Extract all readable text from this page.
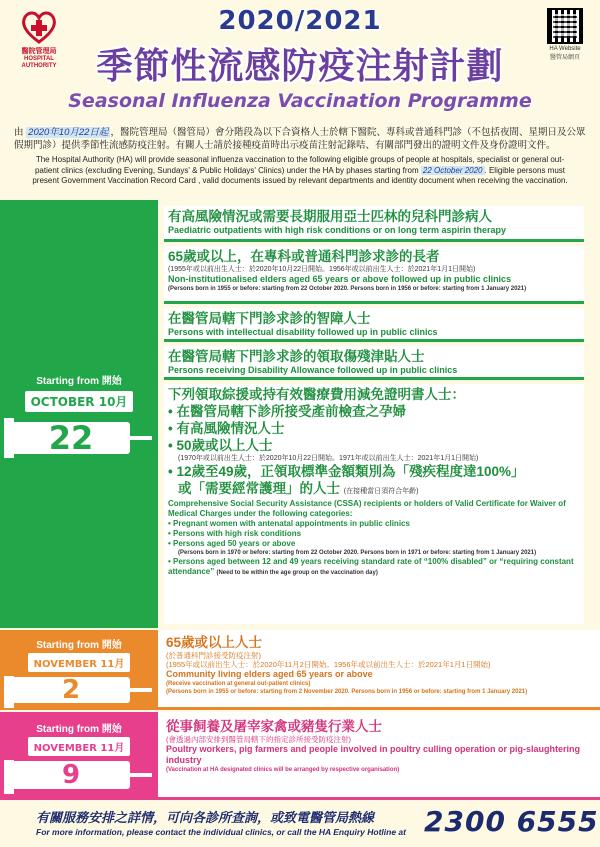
醫院管理局
HOSPITAL
AUTHORITY
2020/2021
季節性流感防疫注射計劃
Seasonal Influenza Vaccination Programme
HA Website
醫管局網頁
由 2020年10月22日起 ，醫院管理局（醫管局）會分階段為以下合資格人士於轄下醫院、專科或普通科門診（不包括夜間、星期日及公眾假期門診）提供季節性流感防疫注射。有關人士請於接種疫苗時出示疫苗注射記錄咭、有關部門發出的證明文件及身份證明文件。
The Hospital Authority (HA) will provide seasonal influenza vaccination to the following eligible groups of people at hospitals, specialist or general out-patient clinics (excluding Evening, Sundays' & Public Holidays' Clinics) under the HA by phases starting from 22 October 2020 . Eligible persons must present Government Vaccination Record Card , valid documents issued by relevant departments and identity document when receiving the vaccination.
Starting from 開始
OCTOBER 10月
22
有高風險情況或需要長期服用亞士匹林的兒科門診病人
Paediatric outpatients with high risk conditions or on long term aspirin therapy
65歲或以上，在專科或普通科門診求診的長者
(1955年或以前出生人士：於2020年10月22日開始。1956年或以前出生人士：於2021年1月1日開始)
Non-institutionalised elders aged 65 years or above followed up in public clinics
(Persons born in 1955 or before: starting from 22 October 2020. Persons born in 1956 or before: starting from 1 January 2021)
在醫管局轄下門診求診的智障人士
Persons with intellectual disability followed up in public clinics
在醫管局轄下門診求診的領取傷殘津貼人士
Persons receiving Disability Allowance followed up in public clinics
下列領取綜援或持有效醫療費用減免證明書人士：
• 在醫管局轄下診所接受產前檢查之孕婦
• 有高風險情況人士
• 50歲或以上人士
(1970年或以前出生人士：於2020年10月22日開始。1971年或以前出生人士：2021年1月1日開始)
• 12歲至49歲，正領取標準金額類別為「殘疾程度達100%」
或「需要經常護理」的人士 (在接種當日須符合年齡)
Comprehensive Social Security Assistance (CSSA) recipients or holders of Valid Certificate for Waiver of Medical Charges under the following categories:
• Pregnant women with antenatal appointments in public clinics
• Persons with high risk conditions
• Persons aged 50 years or above
(Persons born in 1970 or before: starting from 22 October 2020. Persons born in 1971 or before: starting from 1 January 2021)
• Persons aged between 12 and 49 years receiving standard rate of “100% disabled” or “requiring constant attendance” (Need to be within the age group on the vaccination day)
Starting from 開始
NOVEMBER 11月
2
65歲或以上人士
(於普通科門診接受防疫注射)
(1955年或以前出生人士：於2020年11月2日開始。1956年或以前出生人士：於2021年1月1日開始)
Community living elders aged 65 years or above
(Receive vaccination at general out-patient clinics)
(Persons born in 1955 or before: starting from 2 November 2020. Persons born in 1956 or before: starting from 1 January 2021)
Starting from 開始
NOVEMBER 11月
9
從事飼養及屠宰家禽或豬隻行業人士
(會透過內部安排到醫管局轄下的指定診所接受防疫注射)
Poultry workers, pig farmers and people involved in poultry culling operation or pig-slaughtering industry
(Vaccination at HA designated clinics will be arranged by respective organisation)
有關服務安排之詳情，可向各診所查詢，或致電醫管局熱線
For more information, please contact the individual clinics, or call the HA Enquiry Hotline at 2300 6555
